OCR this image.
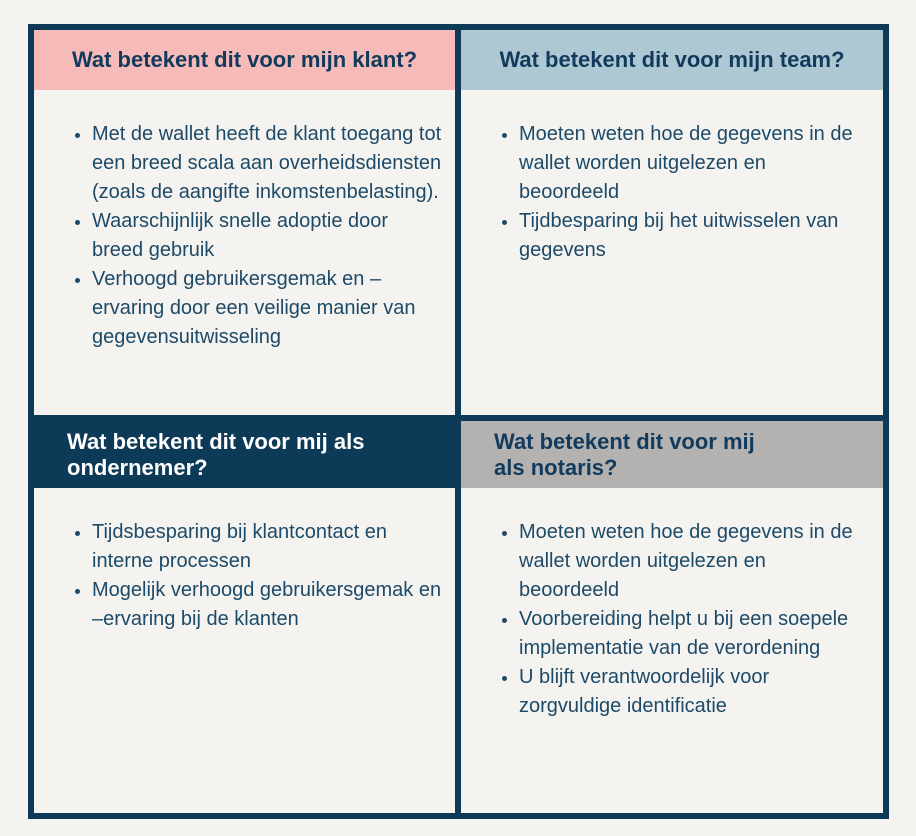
Wat betekent dit voor mijn klant?
• Met de wallet heeft de klant toegang tot een breed scala aan overheidsdiensten (zoals de aangifte inkomstenbelasting).
• Waarschijnlijk snelle adoptie door breed gebruik
• Verhoogd gebruikersgemak en –ervaring door een veilige manier van gegevensuitwisseling
Wat betekent dit voor mijn team?
• Moeten weten hoe de gegevens in de wallet worden uitgelezen en beoordeeld
• Tijdbesparing bij het uitwisselen van gegevens
Wat betekent dit voor mij als
ondernemer?
• Tijdsbesparing bij klantcontact en interne processen
• Mogelijk verhoogd gebruikersgemak en –ervaring bij de klanten
Wat betekent dit voor mij
als notaris?
• Moeten weten hoe de gegevens in de wallet worden uitgelezen en beoordeeld
• Voorbereiding helpt u bij een soepele implementatie van de verordening
• U blijft verantwoordelijk voor zorgvuldige identificatie
